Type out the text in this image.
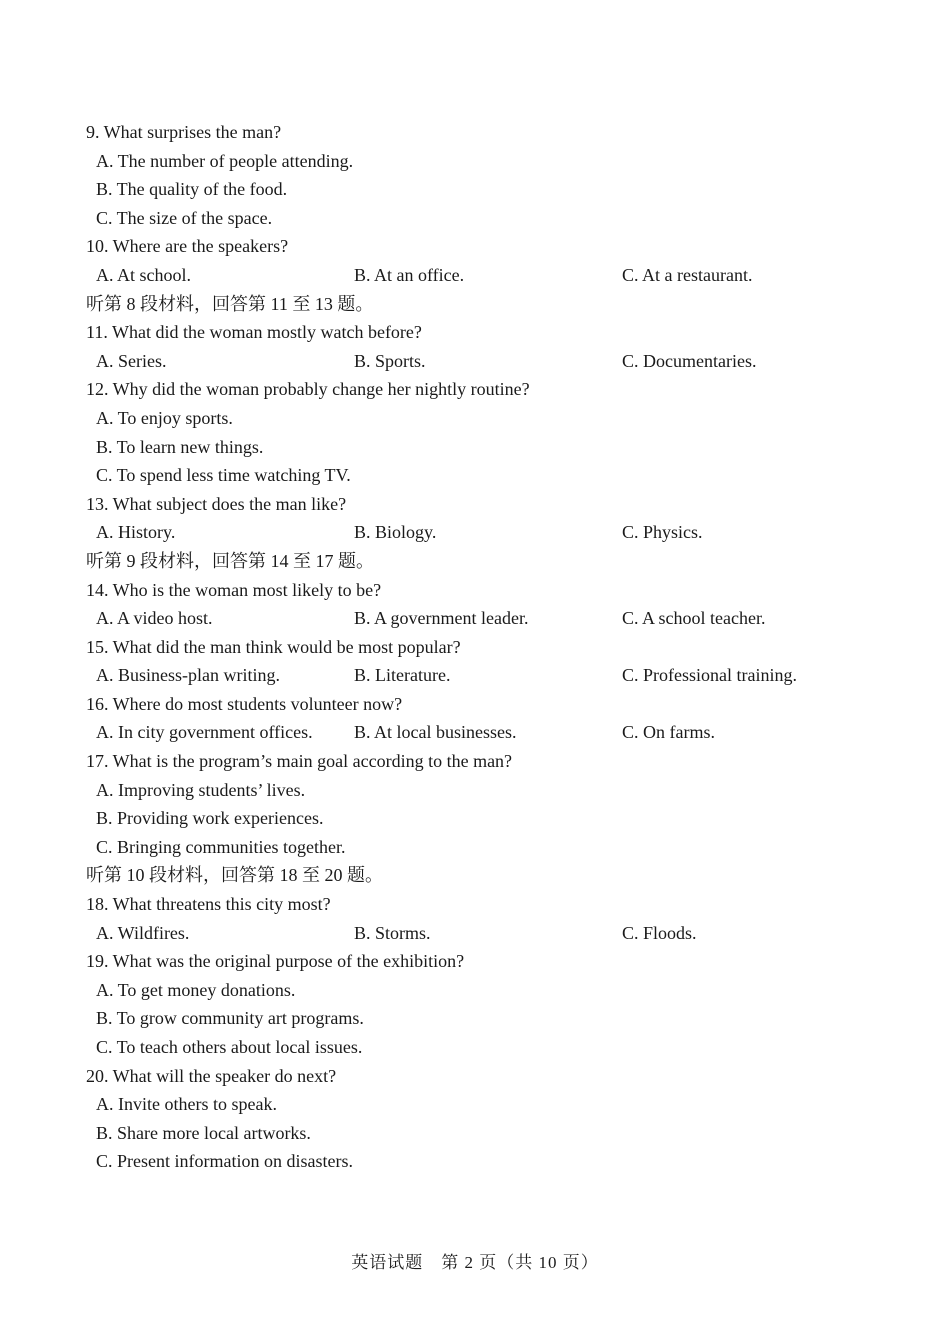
9. What surprises the man?
A. The number of people attending.
B. The quality of the food.
C. The size of the space.
10. Where are the speakers?
A. At school.	B. At an office.	C. At a restaurant.
听第 8 段材料，回答第 11 至 13 题。
11. What did the woman mostly watch before?
A. Series.	B. Sports.	C. Documentaries.
12. Why did the woman probably change her nightly routine?
A. To enjoy sports.
B. To learn new things.
C. To spend less time watching TV.
13. What subject does the man like?
A. History.	B. Biology.	C. Physics.
听第 9 段材料，回答第 14 至 17 题。
14. Who is the woman most likely to be?
A. A video host.	B. A government leader.	C. A school teacher.
15. What did the man think would be most popular?
A. Business-plan writing.	B. Literature.	C. Professional training.
16. Where do most students volunteer now?
A. In city government offices. B. At local businesses.	C. On farms.
17. What is the program’s main goal according to the man?
A. Improving students’ lives.
B. Providing work experiences.
C. Bringing communities together.
听第 10 段材料，回答第 18 至 20 题。
18. What threatens this city most?
A. Wildfires.	B. Storms.	C. Floods.
19. What was the original purpose of the exhibition?
A. To get money donations.
B. To grow community art programs.
C. To teach others about local issues.
20. What will the speaker do next?
A. Invite others to speak.
B. Share more local artworks.
C. Present information on disasters.
英语试题　第 2 页（共 10 页）
